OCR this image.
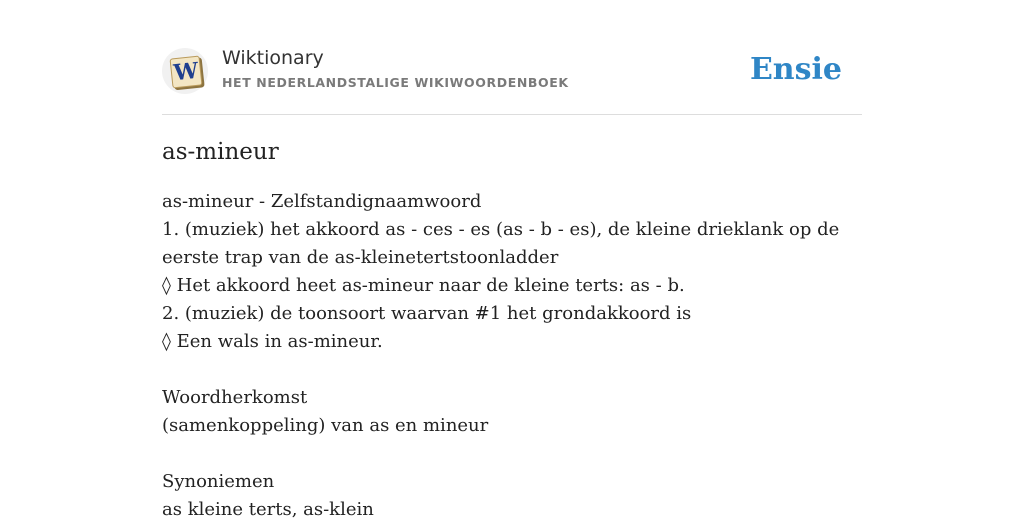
W Wiktionary
HET NEDERLANDSTALIGE WIKIWOORDENBOEK	Ensie
as-mineur
as-mineur - Zelfstandignaamwoord
1. (muziek) het akkoord as - ces - es (as - b - es), de kleine drieklank op de eerste trap van de as-kleinetertstoonladder
◊ Het akkoord heet as-mineur naar de kleine terts: as - b.
2. (muziek) de toonsoort waarvan #1 het grondakkoord is
◊ Een wals in as-mineur.
Woordherkomst
(samenkoppeling) van as en mineur
Synoniemen
as kleine terts, as-klein
